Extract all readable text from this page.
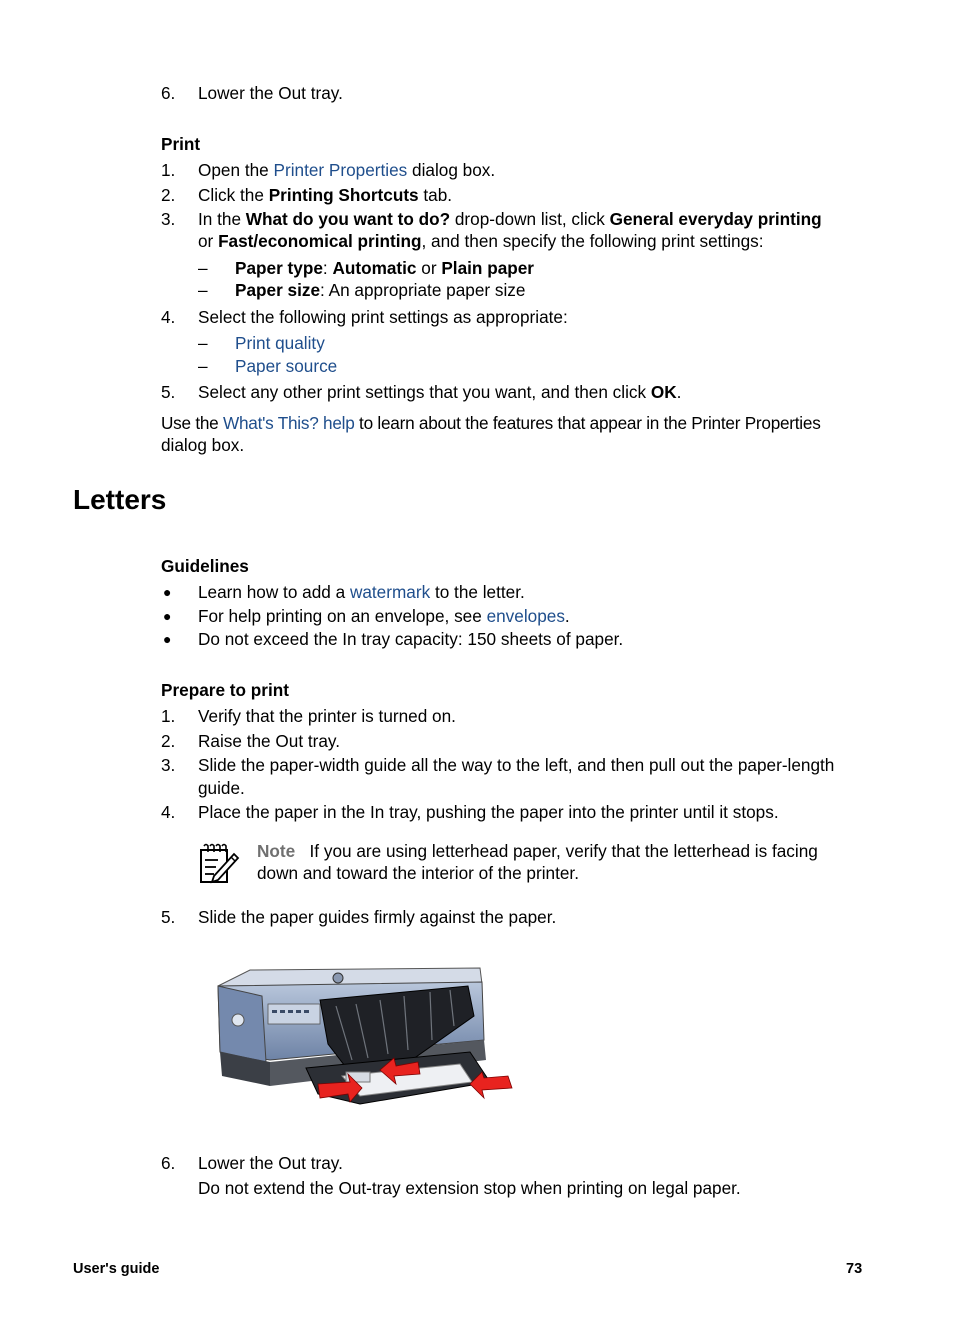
6. Lower the Out tray.
Print
1. Open the Printer Properties dialog box.
2. Click the Printing Shortcuts tab.
3. In the What do you want to do? drop-down list, click General everyday printing
or Fast/economical printing, and then specify the following print settings:
– Paper type: Automatic or Plain paper
– Paper size: An appropriate paper size
4. Select the following print settings as appropriate:
– Print quality
– Paper source
5. Select any other print settings that you want, and then click OK.
Use the What's This? help to learn about the features that appear in the Printer Properties
dialog box.
Letters
Guidelines
● Learn how to add a watermark to the letter.
● For help printing on an envelope, see envelopes.
● Do not exceed the In tray capacity: 150 sheets of paper.
Prepare to print
1. Verify that the printer is turned on.
2. Raise the Out tray.
3. Slide the paper-width guide all the way to the left, and then pull out the paper-length
guide.
4. Place the paper in the In tray, pushing the paper into the printer until it stops.
Note If you are using letterhead paper, verify that the letterhead is facing
down and toward the interior of the printer.
5. Slide the paper guides firmly against the paper.
6. Lower the Out tray.
Do not extend the Out-tray extension stop when printing on legal paper.
User's guide	73
